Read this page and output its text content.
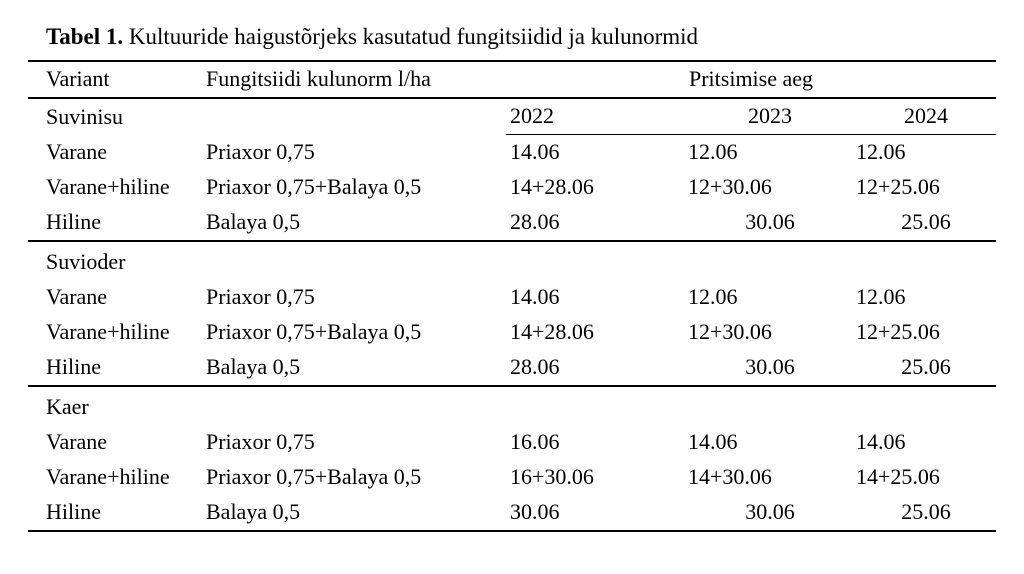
Tabel 1. Kultuuride haigustõrjeks kasutatud fungitsiidid ja kulunormid
Variant	Fungitsiidi kulunorm l/ha	Pritsimise aeg		
Suvinisu		2022	2023	2024
Varane	Priaxor 0,75	14.06	12.06	12.06
Varane+hiline	Priaxor 0,75+Balaya 0,5	14+28.06	12+30.06	12+25.06
Hiline	Balaya 0,5	28.06	30.06	25.06
Suvioder				
Varane	Priaxor 0,75	14.06	12.06	12.06
Varane+hiline	Priaxor 0,75+Balaya 0,5	14+28.06	12+30.06	12+25.06
Hiline	Balaya 0,5	28.06	30.06	25.06
Kaer				
Varane	Priaxor 0,75	16.06	14.06	14.06
Varane+hiline	Priaxor 0,75+Balaya 0,5	16+30.06	14+30.06	14+25.06
Hiline	Balaya 0,5	30.06	30.06	25.06
